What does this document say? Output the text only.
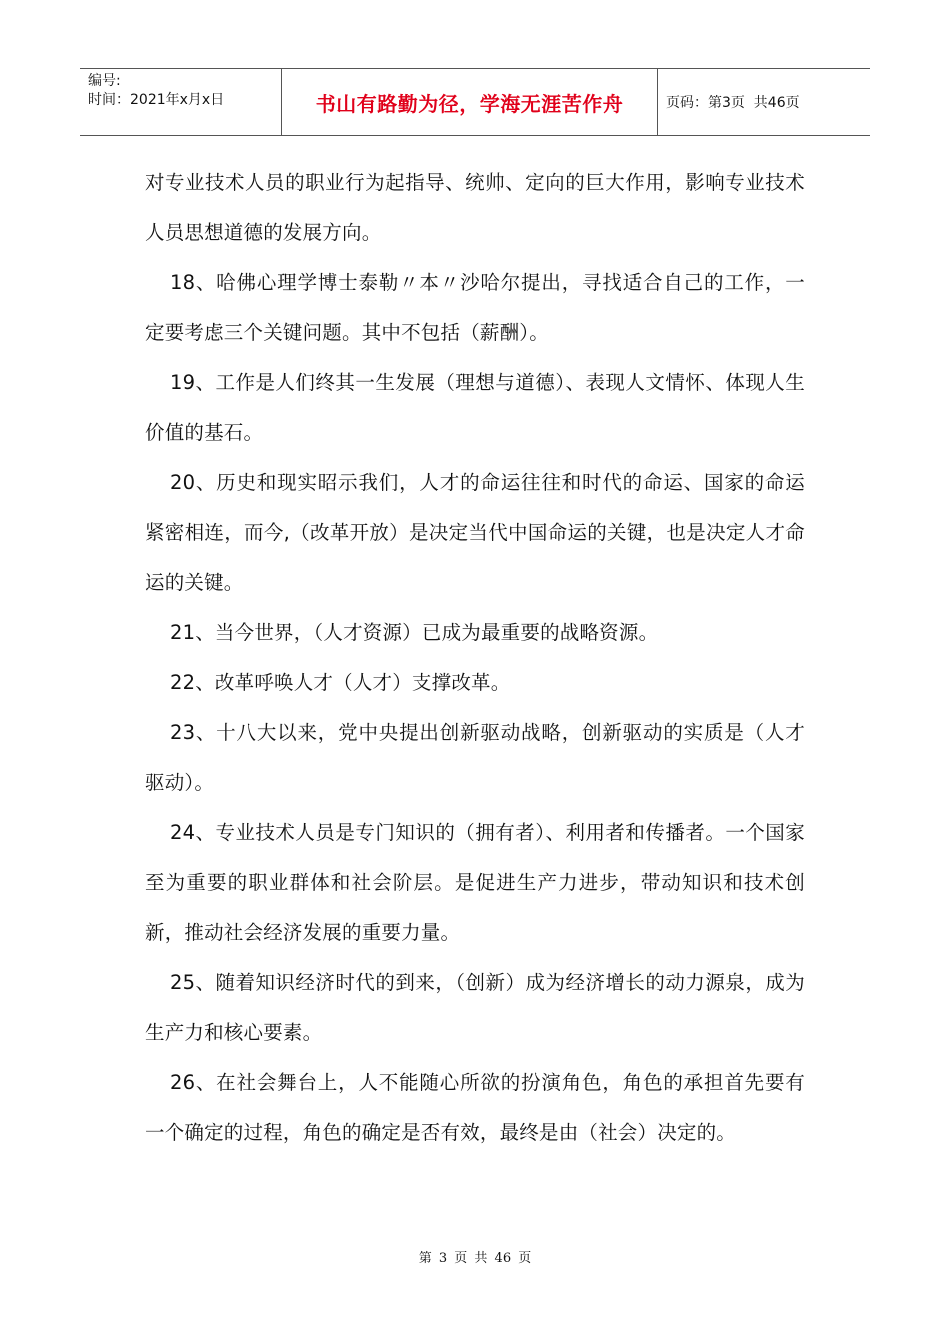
编号:
时间：2021年x月x日	书山有路勤为径，学海无涯苦作舟	页码：第3页  共46页

对专业技术人员的职业行为起指导、统帅、定向的巨大作用，影响专业技术人员思想道德的发展方向。

18、哈佛心理学博士泰勒〃本〃沙哈尔提出，寻找适合自己的工作，一定要考虑三个关键问题。其中不包括（薪酬）。

19、工作是人们终其一生发展（理想与道德）、表现人文情怀、体现人生价值的基石。

20、历史和现实昭示我们，人才的命运往往和时代的命运、国家的命运紧密相连，而今,（改革开放）是决定当代中国命运的关键，也是决定人才命运的关键。

21、当今世界，（人才资源）已成为最重要的战略资源。

22、改革呼唤人才（人才）支撑改革。

23、十八大以来，党中央提出创新驱动战略，创新驱动的实质是（人才驱动）。

24、专业技术人员是专门知识的（拥有者）、利用者和传播者。一个国家至为重要的职业群体和社会阶层。是促进生产力进步，带动知识和技术创新，推动社会经济发展的重要力量。

25、随着知识经济时代的到来，（创新）成为经济增长的动力源泉，成为生产力和核心要素。

26、在社会舞台上，人不能随心所欲的扮演角色，角色的承担首先要有一个确定的过程，角色的确定是否有效，最终是由（社会）决定的。

第 3 页 共 46 页
